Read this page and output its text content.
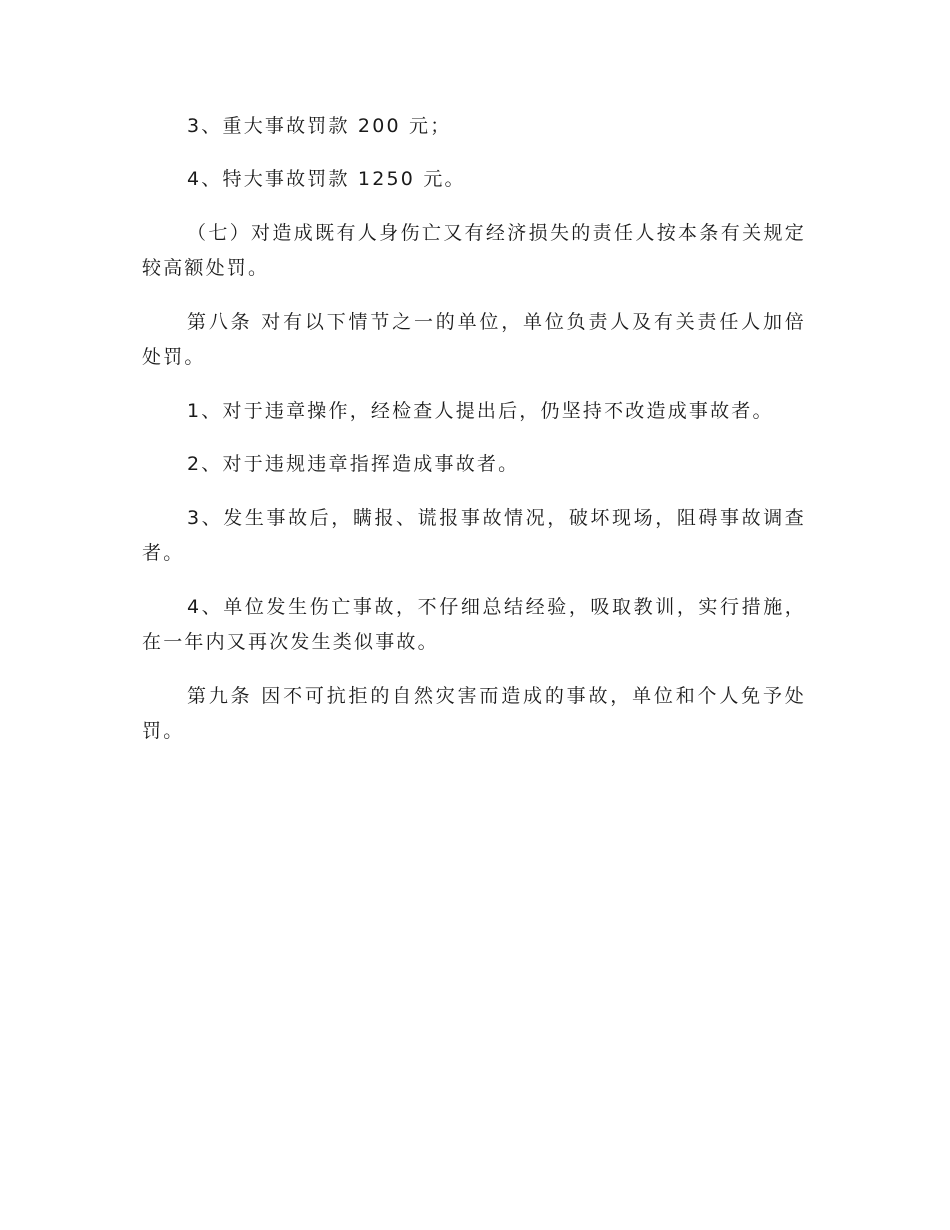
3、重大事故罚款 200 元；

4、特大事故罚款 1250 元。

（七）对造成既有人身伤亡又有经济损失的责任人按本条有关规定较高额处罚。

第八条 对有以下情节之一的单位，单位负责人及有关责任人加倍处罚。

1、对于违章操作，经检查人提出后，仍坚持不改造成事故者。

2、对于违规违章指挥造成事故者。

3、发生事故后，瞒报、谎报事故情况，破坏现场，阻碍事故调查者。

4、单位发生伤亡事故，不仔细总结经验，吸取教训，实行措施，在一年内又再次发生类似事故。

第九条 因不可抗拒的自然灾害而造成的事故，单位和个人免予处罚。
